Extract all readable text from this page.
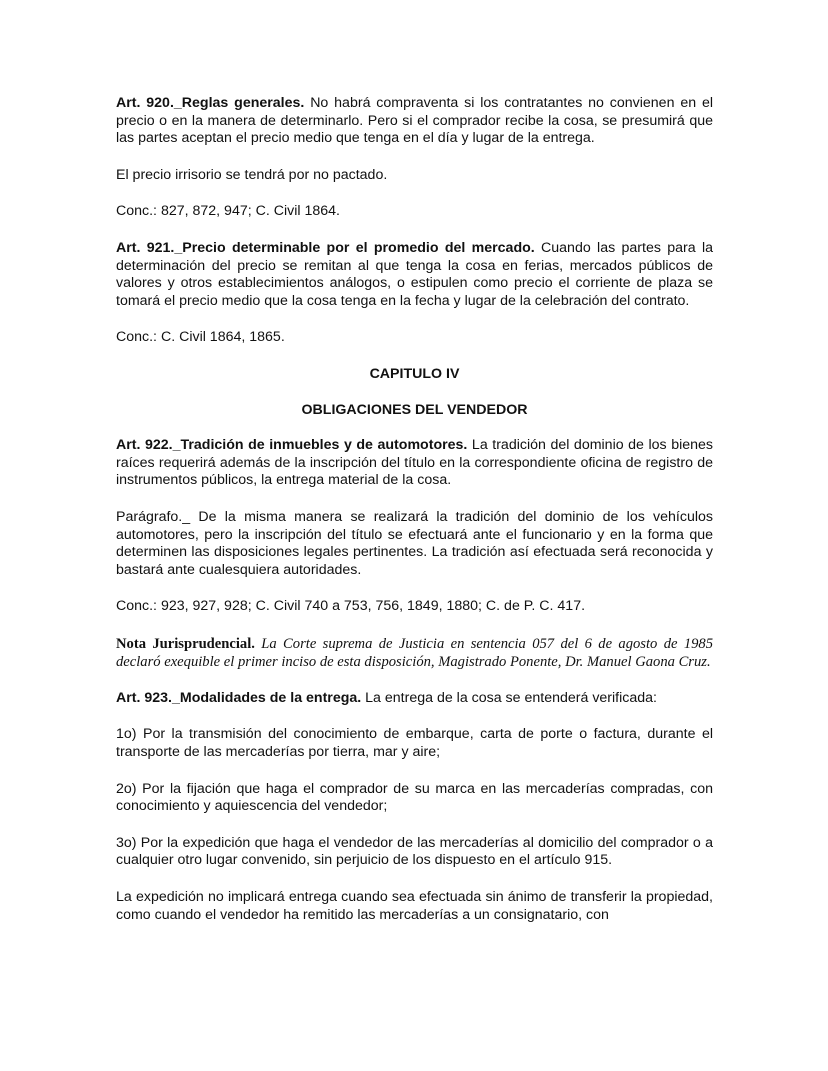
Art. 920._Reglas generales. No habrá compraventa si los contratantes no convienen en el precio o en la manera de determinarlo. Pero si el comprador recibe la cosa, se presumirá que las partes aceptan el precio medio que tenga en el día y lugar de la entrega.

El precio irrisorio se tendrá por no pactado.

Conc.: 827, 872, 947; C. Civil 1864.

Art. 921._Precio determinable por el promedio del mercado. Cuando las partes para la determinación del precio se remitan al que tenga la cosa en ferias, mercados públicos de valores y otros establecimientos análogos, o estipulen como precio el corriente de plaza se tomará el precio medio que la cosa tenga en la fecha y lugar de la celebración del contrato.

Conc.: C. Civil 1864, 1865.

CAPITULO IV
OBLIGACIONES DEL VENDEDOR

Art. 922._Tradición de inmuebles y de automotores. La tradición del dominio de los bienes raíces requerirá además de la inscripción del título en la correspondiente oficina de registro de instrumentos públicos, la entrega material de la cosa.

Parágrafo._ De la misma manera se realizará la tradición del dominio de los vehículos automotores, pero la inscripción del título se efectuará ante el funcionario y en la forma que determinen las disposiciones legales pertinentes. La tradición así efectuada será reconocida y bastará ante cualesquiera autoridades.

Conc.: 923, 927, 928; C. Civil 740 a 753, 756, 1849, 1880; C. de P. C. 417.

Nota Jurisprudencial. La Corte suprema de Justicia en sentencia 057 del 6 de agosto de 1985 declaró exequible el primer inciso de esta disposición, Magistrado Ponente, Dr. Manuel Gaona Cruz.

Art. 923._Modalidades de la entrega. La entrega de la cosa se entenderá verificada:

1o) Por la transmisión del conocimiento de embarque, carta de porte o factura, durante el transporte de las mercaderías por tierra, mar y aire;

2o) Por la fijación que haga el comprador de su marca en las mercaderías compradas, con conocimiento y aquiescencia del vendedor;

3o) Por la expedición que haga el vendedor de las mercaderías al domicilio del comprador o a cualquier otro lugar convenido, sin perjuicio de los dispuesto en el artículo 915.

La expedición no implicará entrega cuando sea efectuada sin ánimo de transferir la propiedad, como cuando el vendedor ha remitido las mercaderías a un consignatario, con
